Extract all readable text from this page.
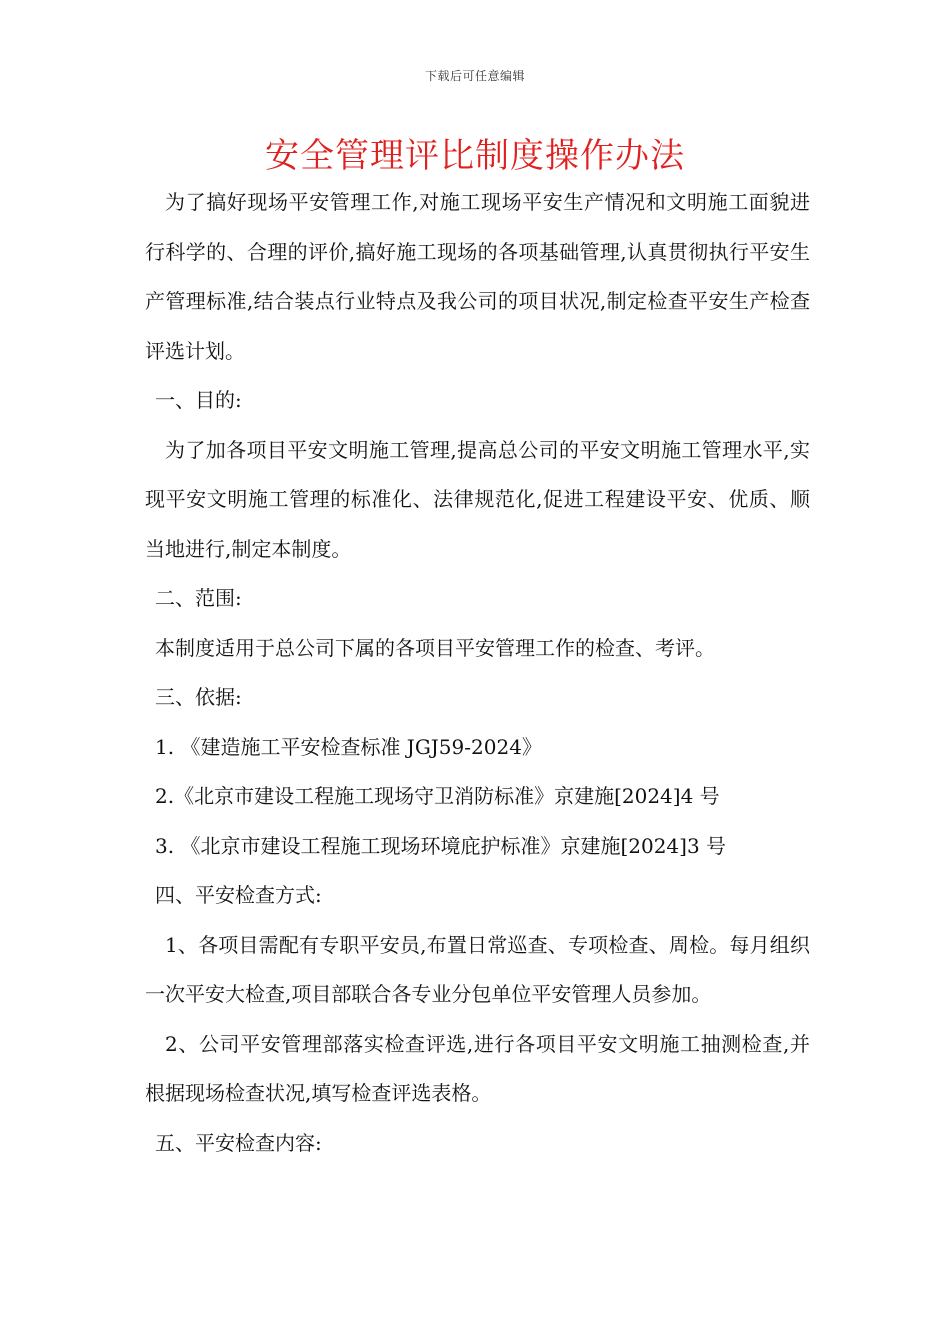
下载后可任意编辑
安全管理评比制度操作办法

为了搞好现场平安管理工作,对施工现场平安生产情况和文明施工面貌进行科学的、合理的评价,搞好施工现场的各项基础管理,认真贯彻执行平安生产管理标准,结合装点行业特点及我公司的项目状况,制定检查平安生产检查评选计划。

一、目的:

为了加各项目平安文明施工管理,提高总公司的平安文明施工管理水平,实现平安文明施工管理的标准化、法律规范化,促进工程建设平安、优质、顺当地进行,制定本制度。

二、范围:

本制度适用于总公司下属的各项目平安管理工作的检查、考评。

三、依据:

1. 《建造施工平安检查标准 JGJ59-2024》

2.《北京市建设工程施工现场守卫消防标准》京建施[2024]4 号

3. 《北京市建设工程施工现场环境庇护标准》京建施[2024]3 号

四、平安检查方式:

1、各项目需配有专职平安员,布置日常巡查、专项检查、周检。每月组织一次平安大检查,项目部联合各专业分包单位平安管理人员参加。

2、公司平安管理部落实检查评选,进行各项目平安文明施工抽测检查,并根据现场检查状况,填写检查评选表格。

五、平安检查内容:
